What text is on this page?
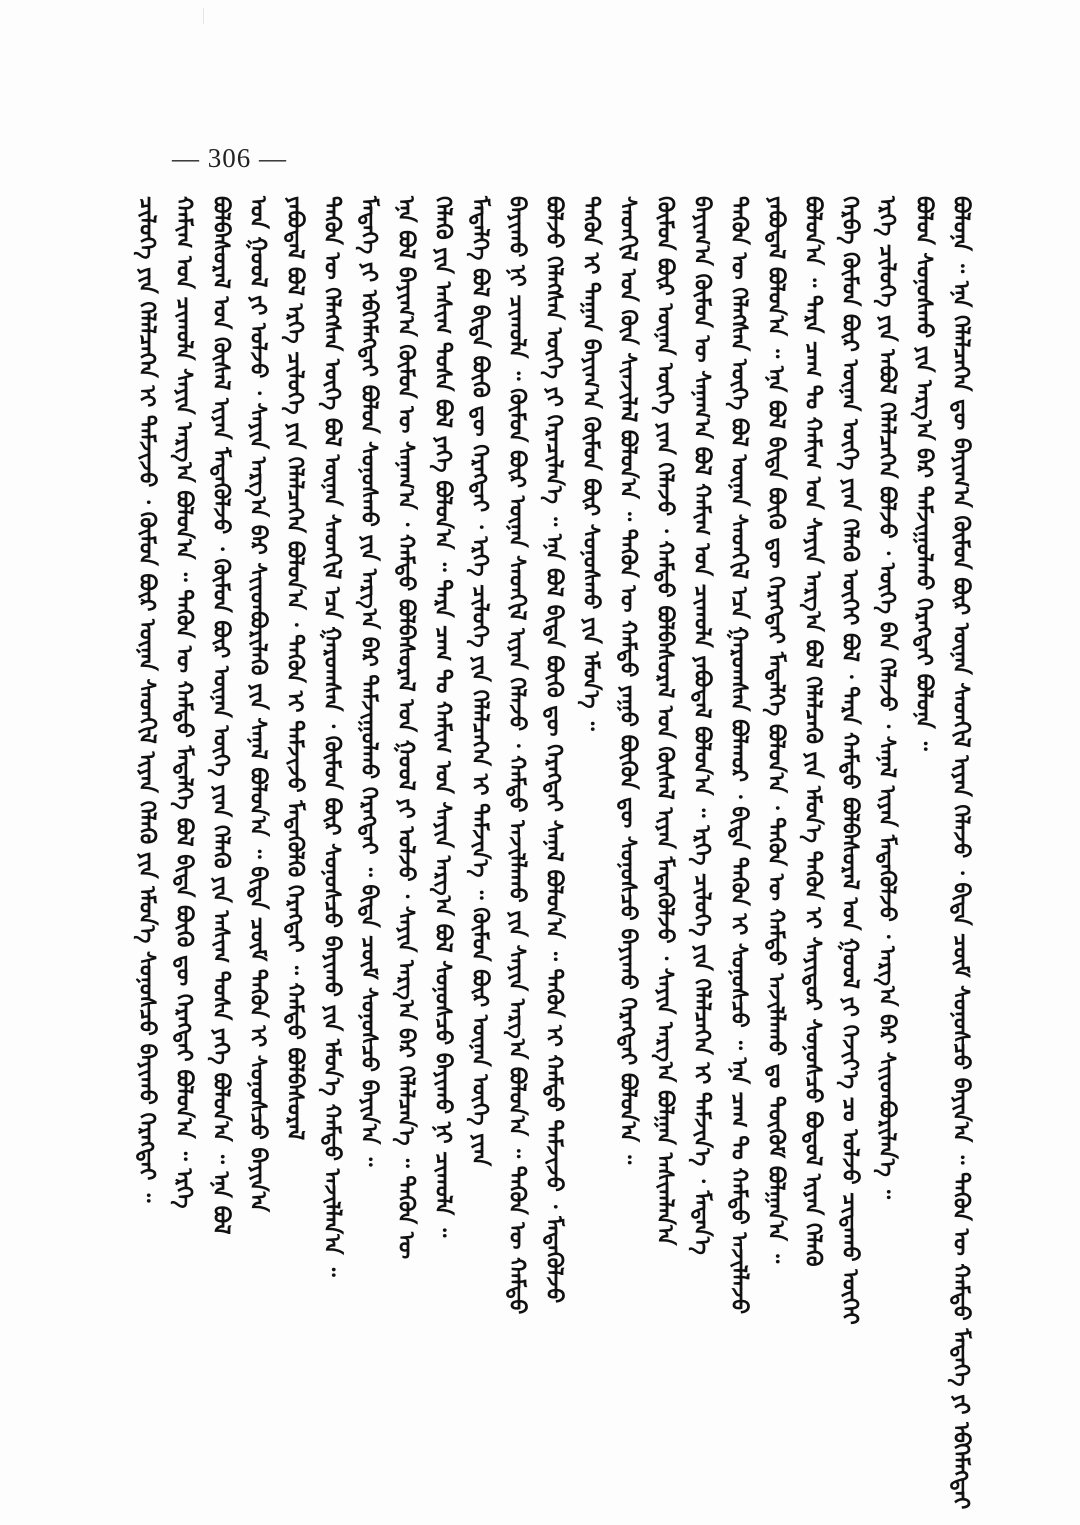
— 306 —
ᠪᠣᠯᠤᠨᠠ ᠃ ᠡᠨᠡ ᠬᠡᠯᠡᠯᠴᠡᠭᠡᠨ ᠳᠦ ᠪᠠᠶᠢᠭ᠎ᠠ ᠬᠦᠮᠦᠨ ᠪᠦᠷ ᠦᠨᠡᠨ ᠰᠡᠳᠬᠢᠯ ᠢᠶᠡᠨ ᠬᠡᠯᠡᠵᠦ ᠂ ᠪᠢᠳᠡ ᠴᠥᠮ ᠰᠣᠨᠤᠰᠴᠤ ᠪᠠᠶᠢᠨ᠎ᠠ ᠃ ᠲᠡᠭᠦᠨ ᠦ ᠬᠠᠮᠲᠤ ᠮᠡᠳᠡᠭᠡ ᠶᠢ ᠡᠪᠬᠡᠮᠡᠭᠲᠡᠢ
ᠪᠣᠯᠤᠨ ᠰᠣᠨᠣᠰᠬᠤ ᠶᠢᠨ ᠠᠷᠭ᠎ᠠ ᠪᠠᠷ ᠳᠠᠮᠵᠢᠭᠤᠯᠬᠤ ᠬᠡᠷᠡᠭᠲᠡᠢ ᠪᠣᠯᠤᠨᠠ ᠃
ᠡᠷᠬᠡ ᠴᠢᠯᠦᠭᠡ ᠶᠢᠨ ᠠᠪᠤᠯ ᠬᠡᠯᠡᠯᠴᠡᠭᠡᠨ ᠪᠣᠯᠵᠤ ᠂ ᠦᠭᠡ ᠪᠡᠨ ᠬᠡᠯᠡᠵᠦ ᠂ ᠰᠠᠨᠠᠯ ᠢᠶᠡᠨ ᠮᠡᠳᠡᠭᠦᠯᠵᠦ ᠂ ᠠᠷᠭ᠎ᠠ ᠪᠠᠷ ᠰᠢᠢᠳᠪᠦᠷᠢᠯᠡᠨ᠎ᠡ ᠃
ᠬᠡᠷᠪᠡ ᠬᠦᠮᠦᠨ ᠪᠦᠷ ᠦᠨᠡᠨ ᠦᠭᠡ ᠶᠢᠡᠨ ᠬᠡᠯᠡᠬᠦ ᠦᠭᠡᠢ ᠪᠣᠯ ᠂ ᠲᠡᠷᠡ ᠬᠠᠮᠲᠤ ᠪᠣᠯᠪᠠᠰᠤᠷᠠᠯ ᠤᠨ ᠭᠣᠣᠯ ᠶᠢ ᠬᠡᠵᠢᠶ᠎ᠡ ᠴᠤ ᠣᠯᠵᠤ ᠴᠢᠳᠠᠬᠤ ᠦᠭᠡᠢ
ᠪᠣᠯᠤᠨ᠎ᠠ ᠃ ᠲᠡᠷᠡ ᠴᠠᠭ ᠲᠤ ᠬᠠᠮᠢᠭ ᠤᠨ ᠰᠠᠶᠢᠨ ᠠᠷᠭ᠎ᠠ ᠪᠣᠯ ᠬᠡᠯᠡᠯᠴᠡᠬᠦ ᠶᠢᠨ ᠡᠮᠦᠨ᠎ᠡ ᠲᠡᠭᠦᠨ ᠢ ᠰᠠᠶᠢᠲᠤᠷ ᠰᠣᠨᠣᠰᠴᠤ ᠪᠣᠳᠤᠯ ᠢᠶᠡᠨ ᠬᠡᠯᠡᠬᠦ
ᠶᠠᠪᠤᠳᠠᠯ ᠪᠣᠯᠤᠨ᠎ᠠ ᠃ ᠡᠨᠡ ᠪᠣᠯ ᠪᠢᠳᠡ ᠪᠦᠬᠦ ᠳᠦ ᠬᠡᠷᠡᠭᠲᠡᠢ ᠮᠡᠳᠡᠯᠭᠡ ᠪᠣᠯᠤᠨ᠎ᠠ ᠂ ᠲᠡᠭᠦᠨ ᠦ ᠬᠠᠮᠲᠤ ᠠᠵᠢᠯᠯᠠᠬᠤ ᠳᠤ ᠳᠥᠬᠦᠮ ᠪᠣᠯᠭᠠᠨ᠎ᠠ ᠃
ᠲᠡᠭᠦᠨ ᠦ ᠬᠡᠯᠡᠭᠰᠡᠨ ᠦᠭᠡ ᠪᠣᠯ ᠦᠨᠡᠨ ᠰᠡᠳᠬᠢᠯ ᠡᠴᠡ ᠭᠠᠷᠤᠭᠰᠠᠨ ᠪᠣᠯᠬᠣᠷ ᠂ ᠪᠢᠳᠡ ᠲᠡᠭᠦᠨ ᠢ ᠰᠣᠨᠣᠰᠴᠤ ᠃ ᠡᠨᠡ ᠴᠠᠭ ᠲᠤ ᠬᠠᠮᠲᠤ ᠠᠵᠢᠯᠯᠠᠵᠤ
ᠪᠠᠶᠢᠭ᠎ᠠ ᠬᠦᠮᠦᠨ ᠦ ᠰᠠᠨᠠᠭ᠎ᠠ ᠪᠣᠯ ᠬᠠᠮᠢᠭ ᠤᠨ ᠴᠢᠬᠤᠯᠠ ᠶᠠᠪᠤᠳᠠᠯ ᠪᠣᠯᠤᠨ᠎ᠠ ᠃ ᠡᠷᠬᠡ ᠴᠢᠯᠦᠭᠡ ᠶᠢᠨ ᠬᠡᠯᠡᠯᠴᠡᠭᠡᠨ ᠢ ᠳᠡᠮᠵᠢᠨ᠎ᠡ ᠂ ᠮᠡᠳᠡᠨ᠎ᠡ
ᠬᠦᠮᠦᠨ ᠪᠦᠷ ᠦᠨᠡᠨ ᠦᠭᠡ ᠶᠢᠡᠨ ᠬᠡᠯᠡᠵᠦ ᠂ ᠬᠠᠮᠲᠤ ᠪᠣᠯᠪᠠᠰᠤᠷᠠᠯ ᠤᠨ ᠬᠦᠰᠡᠯ ᠢᠶᠡᠨ ᠮᠡᠳᠡᠭᠦᠯᠵᠦ ᠂ ᠰᠠᠶᠢᠨ ᠠᠷᠭ᠎ᠠ ᠪᠣᠯᠭᠠᠨ ᠠᠰᠢᠭᠯᠠᠨ᠎ᠠ
ᠰᠡᠳᠬᠢᠯ ᠤᠨ ᠭᠦᠨ ᠰᠢᠨᠵᠢᠯᠡᠯ ᠪᠣᠯᠤᠨ᠎ᠠ ᠃ ᠲᠡᠭᠦᠨ ᠦ ᠬᠠᠮᠲᠤ ᠶᠠᠭᠤ ᠪᠦᠬᠦᠨ ᠳᠦ ᠰᠣᠨᠣᠰᠴᠤ ᠪᠠᠶᠢᠬᠤ ᠬᠡᠷᠡᠭᠲᠡᠢ ᠪᠣᠯᠤᠨ᠎ᠠ ᠃
ᠲᠡᠭᠦᠨ ᠢ ᠳᠠᠭᠠᠨ ᠪᠠᠶᠢᠭ᠎ᠠ ᠬᠦᠮᠦᠨ ᠪᠦᠷ ᠰᠣᠨᠣᠰᠬᠤ ᠶᠢᠨ ᠡᠮᠦᠨ᠎ᠡ ᠃
ᠪᠣᠯᠵᠤ ᠬᠡᠯᠡᠭᠰᠡᠨ ᠦᠭᠡ ᠶᠢ ᠭᠡᠷᠡᠴᠢᠯᠡᠨ᠎ᠡ ᠃ ᠡᠨᠡ ᠪᠣᠯ ᠪᠢᠳᠡ ᠪᠦᠬᠦ ᠳᠦ ᠬᠡᠷᠡᠭᠲᠡᠢ ᠰᠠᠨᠠᠯ ᠪᠣᠯᠤᠨ᠎ᠠ ᠃ ᠲᠡᠭᠦᠨ ᠢ ᠬᠠᠮᠲᠤ ᠳᠡᠮᠵᠢᠵᠦ ᠂ ᠮᠡᠳᠡᠭᠦᠯᠵᠦ
ᠪᠠᠶᠢᠬᠤ ᠨᠢ ᠴᠢᠬᠤᠯᠠ ᠃ ᠬᠦᠮᠦᠨ ᠪᠦᠷ ᠦᠨᠡᠨ ᠰᠡᠳᠬᠢᠯ ᠢᠶᠡᠨ ᠬᠡᠯᠡᠵᠦ ᠂ ᠬᠠᠮᠲᠤ ᠠᠵᠢᠯᠯᠠᠬᠤ ᠶᠢᠨ ᠰᠠᠶᠢᠨ ᠠᠷᠭ᠎ᠠ ᠪᠣᠯᠤᠨ᠎ᠠ ᠃ ᠲᠡᠭᠦᠨ ᠦ ᠬᠠᠮᠲᠤ
ᠮᠡᠳᠡᠯᠭᠡ ᠪᠣᠯ ᠪᠢᠳᠡ ᠪᠦᠬᠦ ᠳᠦ ᠬᠡᠷᠡᠭᠲᠡᠢ ᠂ ᠡᠷᠬᠡ ᠴᠢᠯᠦᠭᠡ ᠶᠢᠨ ᠬᠡᠯᠡᠯᠴᠡᠭᠡᠨ ᠢ ᠳᠡᠮᠵᠢᠨ᠎ᠡ ᠃ ᠬᠦᠮᠦᠨ ᠪᠦᠷ ᠦᠨᠡᠨ ᠦᠭᠡ ᠶᠢᠡᠨ
ᠬᠡᠯᠡᠬᠦ ᠶᠢᠨ ᠠᠰᠢᠭ ᠲᠤᠰᠠ ᠪᠣᠯ ᠶᠡᠬᠡ ᠪᠣᠯᠤᠨ᠎ᠠ ᠃ ᠲᠡᠷᠡ ᠴᠠᠭ ᠲᠤ ᠬᠠᠮᠢᠭ ᠤᠨ ᠰᠠᠶᠢᠨ ᠠᠷᠭ᠎ᠠ ᠪᠣᠯ ᠰᠣᠨᠣᠰᠴᠤ ᠪᠠᠶᠢᠬᠤ ᠨᠢ ᠴᠢᠬᠤᠯᠠ ᠃
ᠡᠨᠡ ᠪᠣᠯ ᠪᠠᠶᠢᠭ᠎ᠠ ᠬᠦᠮᠦᠨ ᠦ ᠰᠠᠨᠠᠭ᠎ᠠ ᠂ ᠬᠠᠮᠲᠤ ᠪᠣᠯᠪᠠᠰᠤᠷᠠᠯ ᠤᠨ ᠭᠣᠣᠯ ᠶᠢ ᠣᠯᠵᠤ ᠂ ᠰᠠᠶᠢᠨ ᠠᠷᠭ᠎ᠠ ᠪᠠᠷ ᠬᠡᠯᠡᠯᠴᠡᠨ᠎ᠡ ᠃ ᠲᠡᠭᠦᠨ ᠦ
ᠮᠡᠳᠡᠭᠡ ᠶᠢ ᠡᠪᠬᠡᠮᠡᠭᠲᠡᠢ ᠪᠣᠯᠤᠨ ᠰᠣᠨᠣᠰᠬᠤ ᠶᠢᠨ ᠠᠷᠭ᠎ᠠ ᠪᠠᠷ ᠳᠠᠮᠵᠢᠭᠤᠯᠬᠤ ᠬᠡᠷᠡᠭᠲᠡᠢ ᠃ ᠪᠢᠳᠡ ᠴᠥᠮ ᠰᠣᠨᠣᠰᠴᠤ ᠪᠠᠶᠢᠨ᠎ᠠ ᠃
ᠲᠡᠭᠦᠨ ᠦ ᠬᠡᠯᠡᠭᠰᠡᠨ ᠦᠭᠡ ᠪᠣᠯ ᠦᠨᠡᠨ ᠰᠡᠳᠬᠢᠯ ᠡᠴᠡ ᠭᠠᠷᠤᠭᠰᠠᠨ ᠂ ᠬᠦᠮᠦᠨ ᠪᠦᠷ ᠰᠣᠨᠣᠰᠴᠤ ᠪᠠᠶᠢᠬᠤ ᠶᠢᠨ ᠡᠮᠦᠨ᠎ᠡ ᠬᠠᠮᠲᠤ ᠠᠵᠢᠯᠯᠠᠨ᠎ᠠ ᠃
ᠶᠠᠪᠤᠳᠠᠯ ᠪᠣᠯ ᠡᠷᠬᠡ ᠴᠢᠯᠦᠭᠡ ᠶᠢᠨ ᠬᠡᠯᠡᠯᠴᠡᠭᠡᠨ ᠪᠣᠯᠤᠨ᠎ᠠ ᠂ ᠲᠡᠭᠦᠨ ᠢ ᠳᠡᠮᠵᠢᠵᠦ ᠮᠡᠳᠡᠭᠦᠯᠬᠦ ᠬᠡᠷᠡᠭᠲᠡᠢ ᠃ ᠬᠠᠮᠲᠤ ᠪᠣᠯᠪᠠᠰᠤᠷᠠᠯ
ᠤᠨ ᠭᠣᠣᠯ ᠶᠢ ᠣᠯᠵᠤ ᠂ ᠰᠠᠶᠢᠨ ᠠᠷᠭ᠎ᠠ ᠪᠠᠷ ᠰᠢᠢᠳᠪᠦᠷᠢᠯᠡᠬᠦ ᠶᠢᠨ ᠰᠠᠨᠠᠯ ᠪᠣᠯᠤᠨ᠎ᠠ ᠃ ᠪᠢᠳᠡ ᠴᠥᠮ ᠲᠡᠭᠦᠨ ᠢ ᠰᠣᠨᠣᠰᠴᠤ ᠪᠠᠶᠢᠨ᠎ᠠ
ᠪᠣᠯᠪᠠᠰᠤᠷᠠᠯ ᠤᠨ ᠬᠦᠰᠡᠯ ᠢᠶᠡᠨ ᠮᠡᠳᠡᠭᠦᠯᠵᠦ ᠂ ᠬᠦᠮᠦᠨ ᠪᠦᠷ ᠦᠨᠡᠨ ᠦᠭᠡ ᠶᠢᠡᠨ ᠬᠡᠯᠡᠬᠦ ᠶᠢᠨ ᠠᠰᠢᠭ ᠲᠤᠰᠠ ᠶᠡᠬᠡ ᠪᠣᠯᠤᠨ᠎ᠠ ᠃ ᠡᠨᠡ ᠪᠣᠯ
ᠬᠠᠮᠢᠭ ᠤᠨ ᠴᠢᠬᠤᠯᠠ ᠰᠠᠶᠢᠨ ᠠᠷᠭ᠎ᠠ ᠪᠣᠯᠤᠨ᠎ᠠ ᠃ ᠲᠡᠭᠦᠨ ᠦ ᠬᠠᠮᠲᠤ ᠮᠡᠳᠡᠯᠭᠡ ᠪᠣᠯ ᠪᠢᠳᠡ ᠪᠦᠬᠦ ᠳᠦ ᠬᠡᠷᠡᠭᠲᠡᠢ ᠪᠣᠯᠤᠨ᠎ᠠ ᠃ ᠡᠷᠬᠡ
ᠴᠢᠯᠦᠭᠡ ᠶᠢᠨ ᠬᠡᠯᠡᠯᠴᠡᠭᠡᠨ ᠢ ᠳᠡᠮᠵᠢᠵᠦ ᠂ ᠬᠦᠮᠦᠨ ᠪᠦᠷ ᠦᠨᠡᠨ ᠰᠡᠳᠬᠢᠯ ᠢᠶᠡᠨ ᠬᠡᠯᠡᠬᠦ ᠶᠢᠨ ᠡᠮᠦᠨ᠎ᠡ ᠰᠣᠨᠣᠰᠴᠤ ᠪᠠᠶᠢᠬᠤ ᠬᠡᠷᠡᠭᠲᠡᠢ ᠃
